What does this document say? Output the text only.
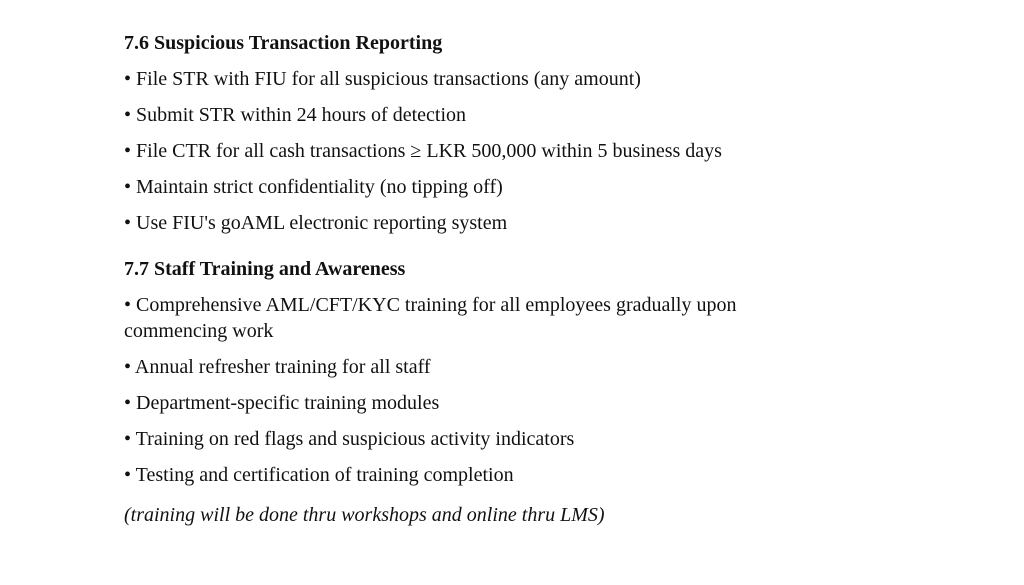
7.6 Suspicious Transaction Reporting
• File STR with FIU for all suspicious transactions (any amount)
• Submit STR within 24 hours of detection
• File CTR for all cash transactions ≥ LKR 500,000 within 5 business days
• Maintain strict confidentiality (no tipping off)
• Use FIU's goAML electronic reporting system
7.7 Staff Training and Awareness
• Comprehensive AML/CFT/KYC training for all employees gradually upon commencing work
• Annual refresher training for all staff
• Department-specific training modules
• Training on red flags and suspicious activity indicators
• Testing and certification of training completion
(training will be done thru workshops and online thru LMS)
